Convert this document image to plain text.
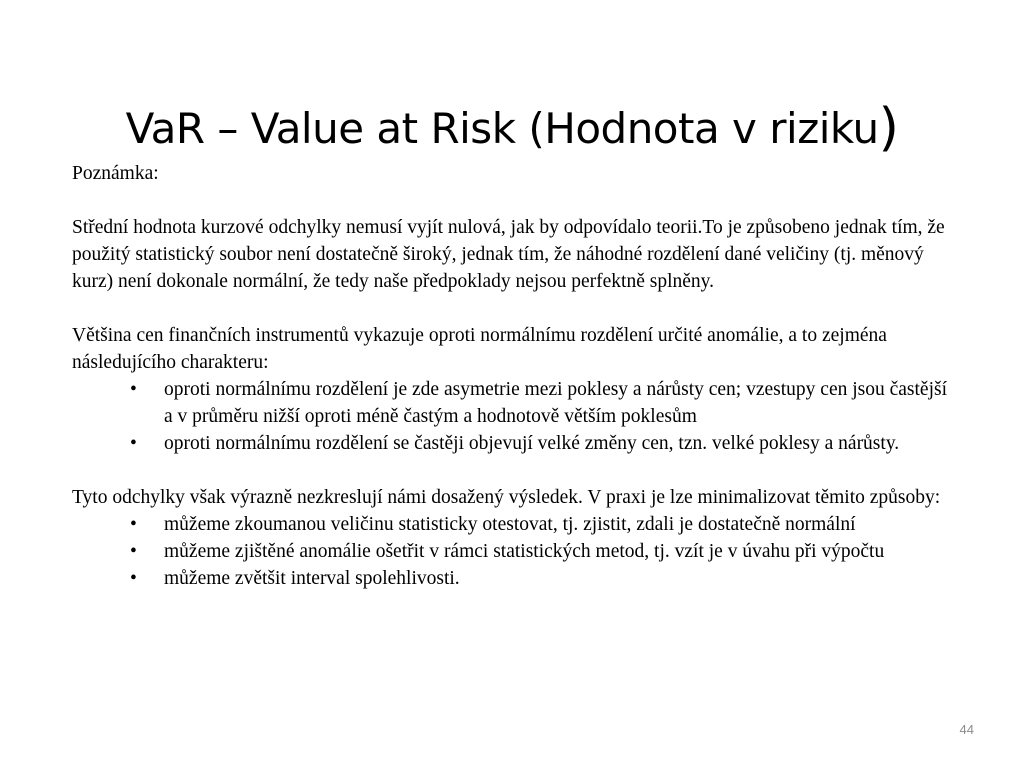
VaR – Value at Risk (Hodnota v riziku)

Poznámka:

Střední hodnota kurzové odchylky nemusí vyjít nulová, jak by odpovídalo teorii.To je způsobeno jednak tím, že použitý statistický soubor není dostatečně široký, jednak tím, že náhodné rozdělení dané veličiny (tj. měnový kurz) není dokonale normální, že tedy naše předpoklady nejsou perfektně splněny.

Většina cen finančních instrumentů vykazuje oproti normálnímu rozdělení určité anomálie, a to zejména následujícího charakteru:

• oproti normálnímu rozdělení je zde asymetrie mezi poklesy a nárůsty cen; vzestupy cen jsou častější a v průměru nižší oproti méně častým a hodnotově větším poklesům
• oproti normálnímu rozdělení se častěji objevují velké změny cen, tzn. velké poklesy a nárůsty.

Tyto odchylky však výrazně nezkreslují námi dosažený výsledek. V praxi je lze minimalizovat těmito způsoby:

• můžeme zkoumanou veličinu statisticky otestovat, tj. zjistit, zdali je dostatečně normální
• můžeme zjištěné anomálie ošetřit v rámci statistických metod, tj. vzít je v úvahu při výpočtu
• můžeme zvětšit interval spolehlivosti.
44
